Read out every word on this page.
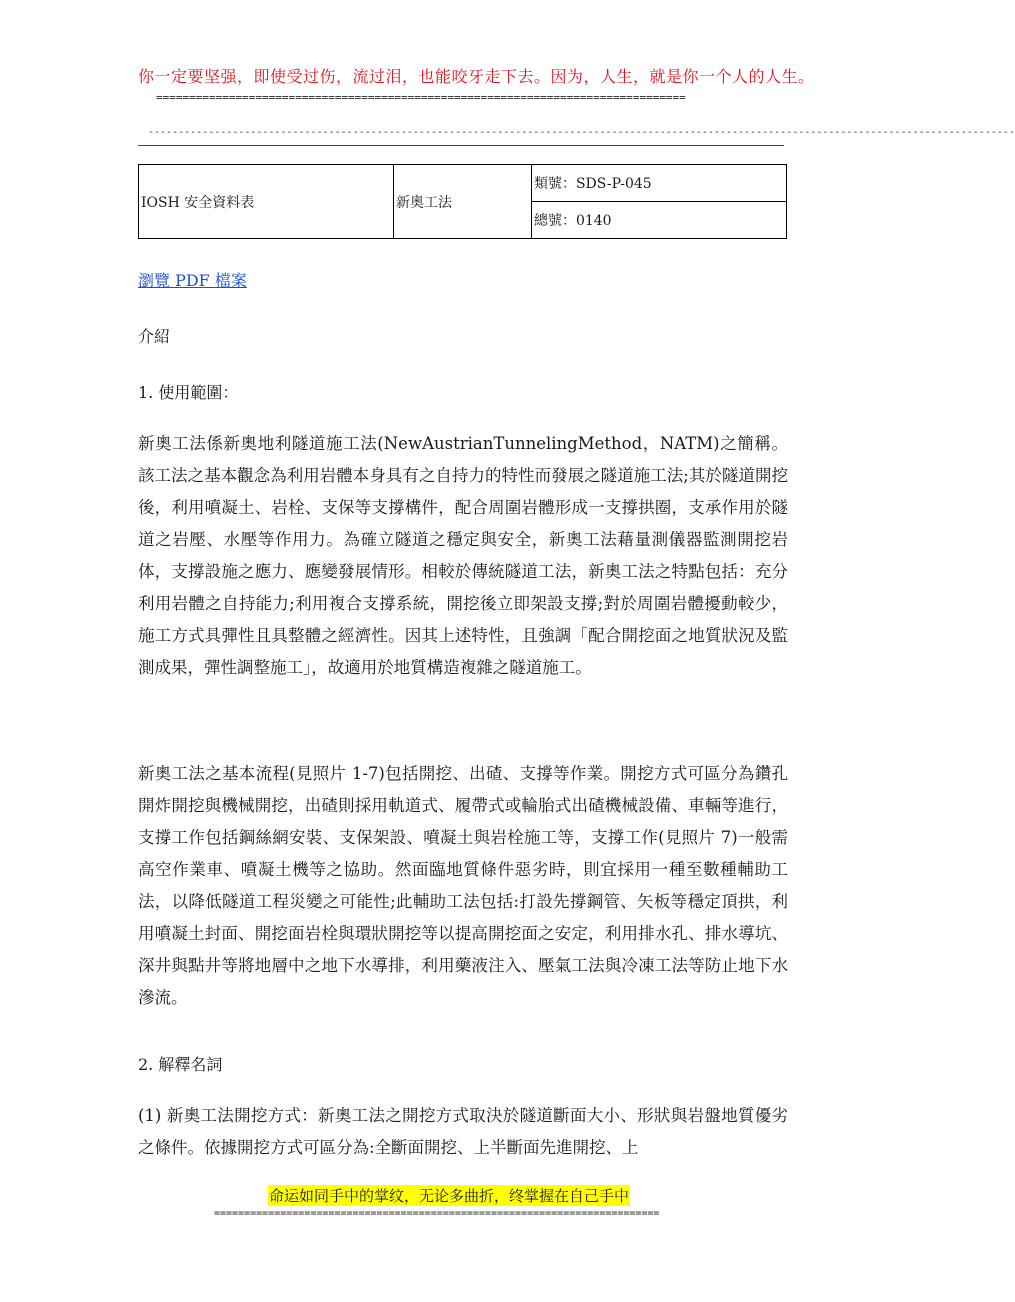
你一定要坚强，即使受过伤，流过泪，也能咬牙走下去。因为，人生，就是你一个人的人生。
================================================================================
------------------------------------------------------------------------------------------------------------------------------------------------
IOSH 安全資料表	新奧工法	類號：SDS-P-045
總號：0140
瀏覽 PDF 檔案
介紹
1. 使用範圍：
新奧工法係新奧地利隧道施工法(NewAustrianTunnelingMethod，NATM)之簡稱。該工法之基本觀念為利用岩體本身具有之自持力的特性而發展之隧道施工法;其於隧道開挖後，利用噴凝土、岩栓、支保等支撐構件，配合周圍岩體形成一支撐拱圈，支承作用於隧道之岩壓、水壓等作用力。為確立隧道之穩定與安全，新奧工法藉量測儀器監測開挖岩体，支撐設施之應力、應變發展情形。相較於傳統隧道工法，新奧工法之特點包括：充分利用岩體之自持能力;利用複合支撐系統，開挖後立即架設支撐;對於周圍岩體擾動較少，施工方式具彈性且具整體之經濟性。因其上述特性，且強調「配合開挖面之地質狀況及監測成果，彈性調整施工」，故適用於地質構造複雜之隧道施工。
新奧工法之基本流程(見照片 1-7)包括開挖、出碴、支撐等作業。開挖方式可區分為鑽孔開炸開挖與機械開挖，出碴則採用軌道式、履帶式或輪胎式出碴機械設備、車輛等進行，支撐工作包括鋼絲網安裝、支保架設、噴凝土與岩栓施工等，支撐工作(見照片 7)一般需高空作業車、噴凝土機等之協助。然面臨地質條件惡劣時，則宜採用一種至數種輔助工法，以降低隧道工程災變之可能性;此輔助工法包括:打設先撐鋼管、矢板等穩定頂拱，利用噴凝土封面、開挖面岩栓與環狀開挖等以提高開挖面之安定，利用排水孔、排水導坑、深井與點井等將地層中之地下水導排，利用藥液注入、壓氣工法與冷凍工法等防止地下水滲流。
2. 解釋名詞
(1) 新奧工法開挖方式：新奧工法之開挖方式取決於隧道斷面大小、形狀與岩盤地質優劣之條件。依據開挖方式可區分為:全斷面開挖、上半斷面先進開挖、上
命运如同手中的掌纹，无论多曲折，终掌握在自己手中
==========================================================================
